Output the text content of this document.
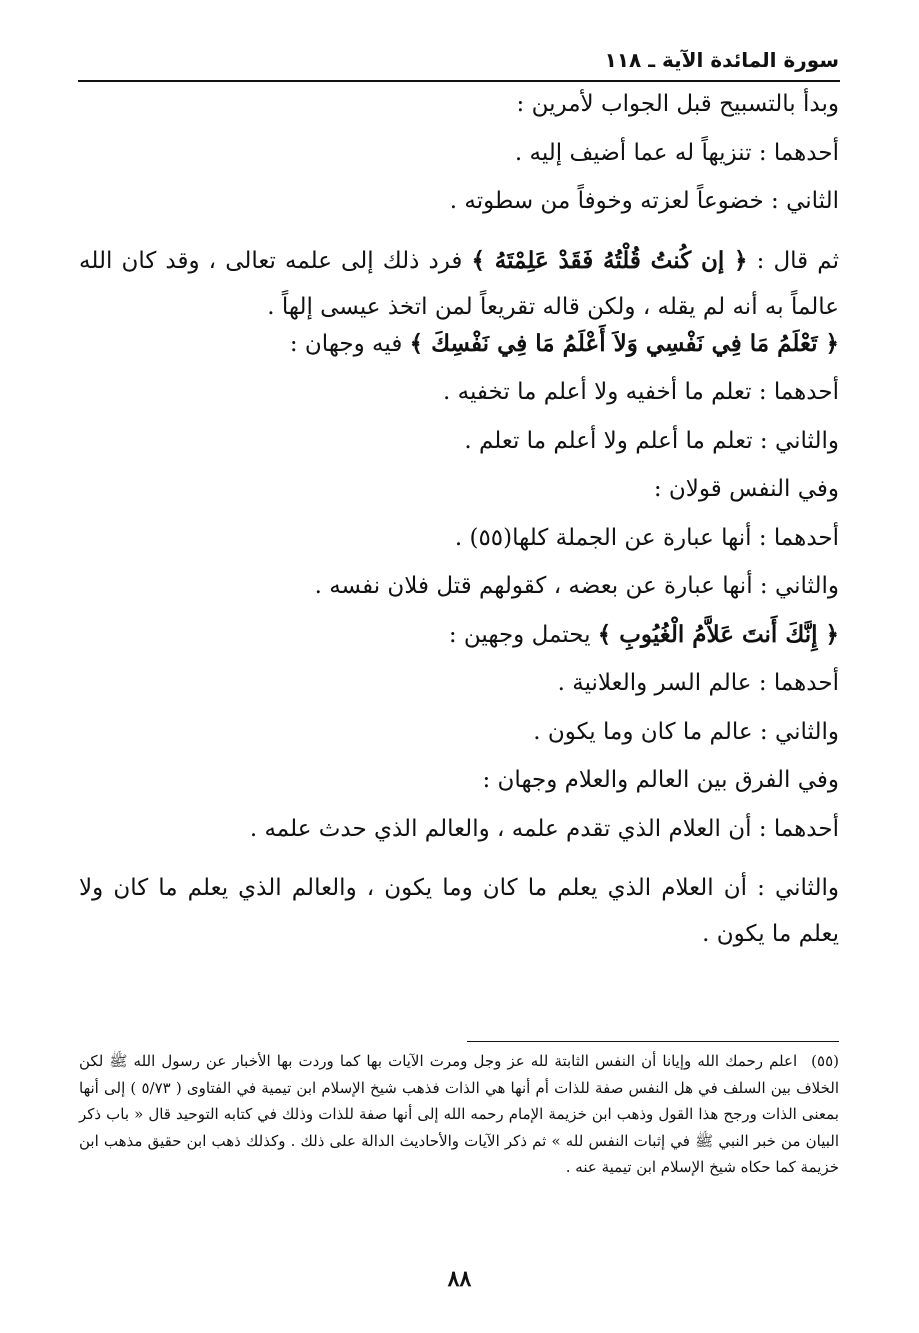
سورة المائدة الآية ـ ١١٨
وبدأ بالتسبيح قبل الجواب لأمرين :
أحدهما : تنزيهاً له عما أضيف إليه .
الثاني : خضوعاً لعزته وخوفاً من سطوته .
ثم قال : ﴿ إن كُنتُ قُلْتُهُ فَقَدْ عَلِمْتَهُ ﴾ فرد ذلك إلى علمه تعالى ، وقد كان الله عالماً به أنه لم يقله ، ولكن قاله تقريعاً لمن اتخذ عيسى إلهاً .
﴿ تَعْلَمُ مَا فِي نَفْسِي وَلاَ أَعْلَمُ مَا فِي نَفْسِكَ ﴾ فيه وجهان :
أحدهما : تعلم ما أخفيه ولا أعلم ما تخفيه .
والثاني : تعلم ما أعلم ولا أعلم ما تعلم .
وفي النفس قولان :
أحدهما : أنها عبارة عن الجملة كلها(٥٥) .
والثاني : أنها عبارة عن بعضه ، كقولهم قتل فلان نفسه .
﴿ إِنَّكَ أَنتَ عَلاَّمُ الْغُيُوبِ ﴾ يحتمل وجهين :
أحدهما : عالم السر والعلانية .
والثاني : عالم ما كان وما يكون .
وفي الفرق بين العالم والعلام وجهان :
أحدهما : أن العلام الذي تقدم علمه ، والعالم الذي حدث علمه .
والثاني : أن العلام الذي يعلم ما كان وما يكون ، والعالم الذي يعلم ما كان ولا يعلم ما يكون .
(٥٥)اعلم رحمك الله وإيانا أن النفس الثابتة لله عز وجل ومرت الآيات بها كما وردت بها الأخبار عن رسول الله ﷺ لكن الخلاف بين السلف في هل النفس صفة للذات أم أنها هي الذات فذهب شيخ الإسلام ابن تيمية في الفتاوى ( ٥/٧٣ ) إلى أنها بمعنى الذات ورجح هذا القول وذهب ابن خزيمة الإمام رحمه الله إلى أنها صفة للذات وذلك في كتابه التوحيد قال « باب ذكر البيان من خبر النبي ﷺ في إثبات النفس لله » ثم ذكر الآيات والأحاديث الدالة على ذلك . وكذلك ذهب ابن حقيق مذهب ابن خزيمة كما حكاه شيخ الإسلام ابن تيمية عنه .
٨٨
